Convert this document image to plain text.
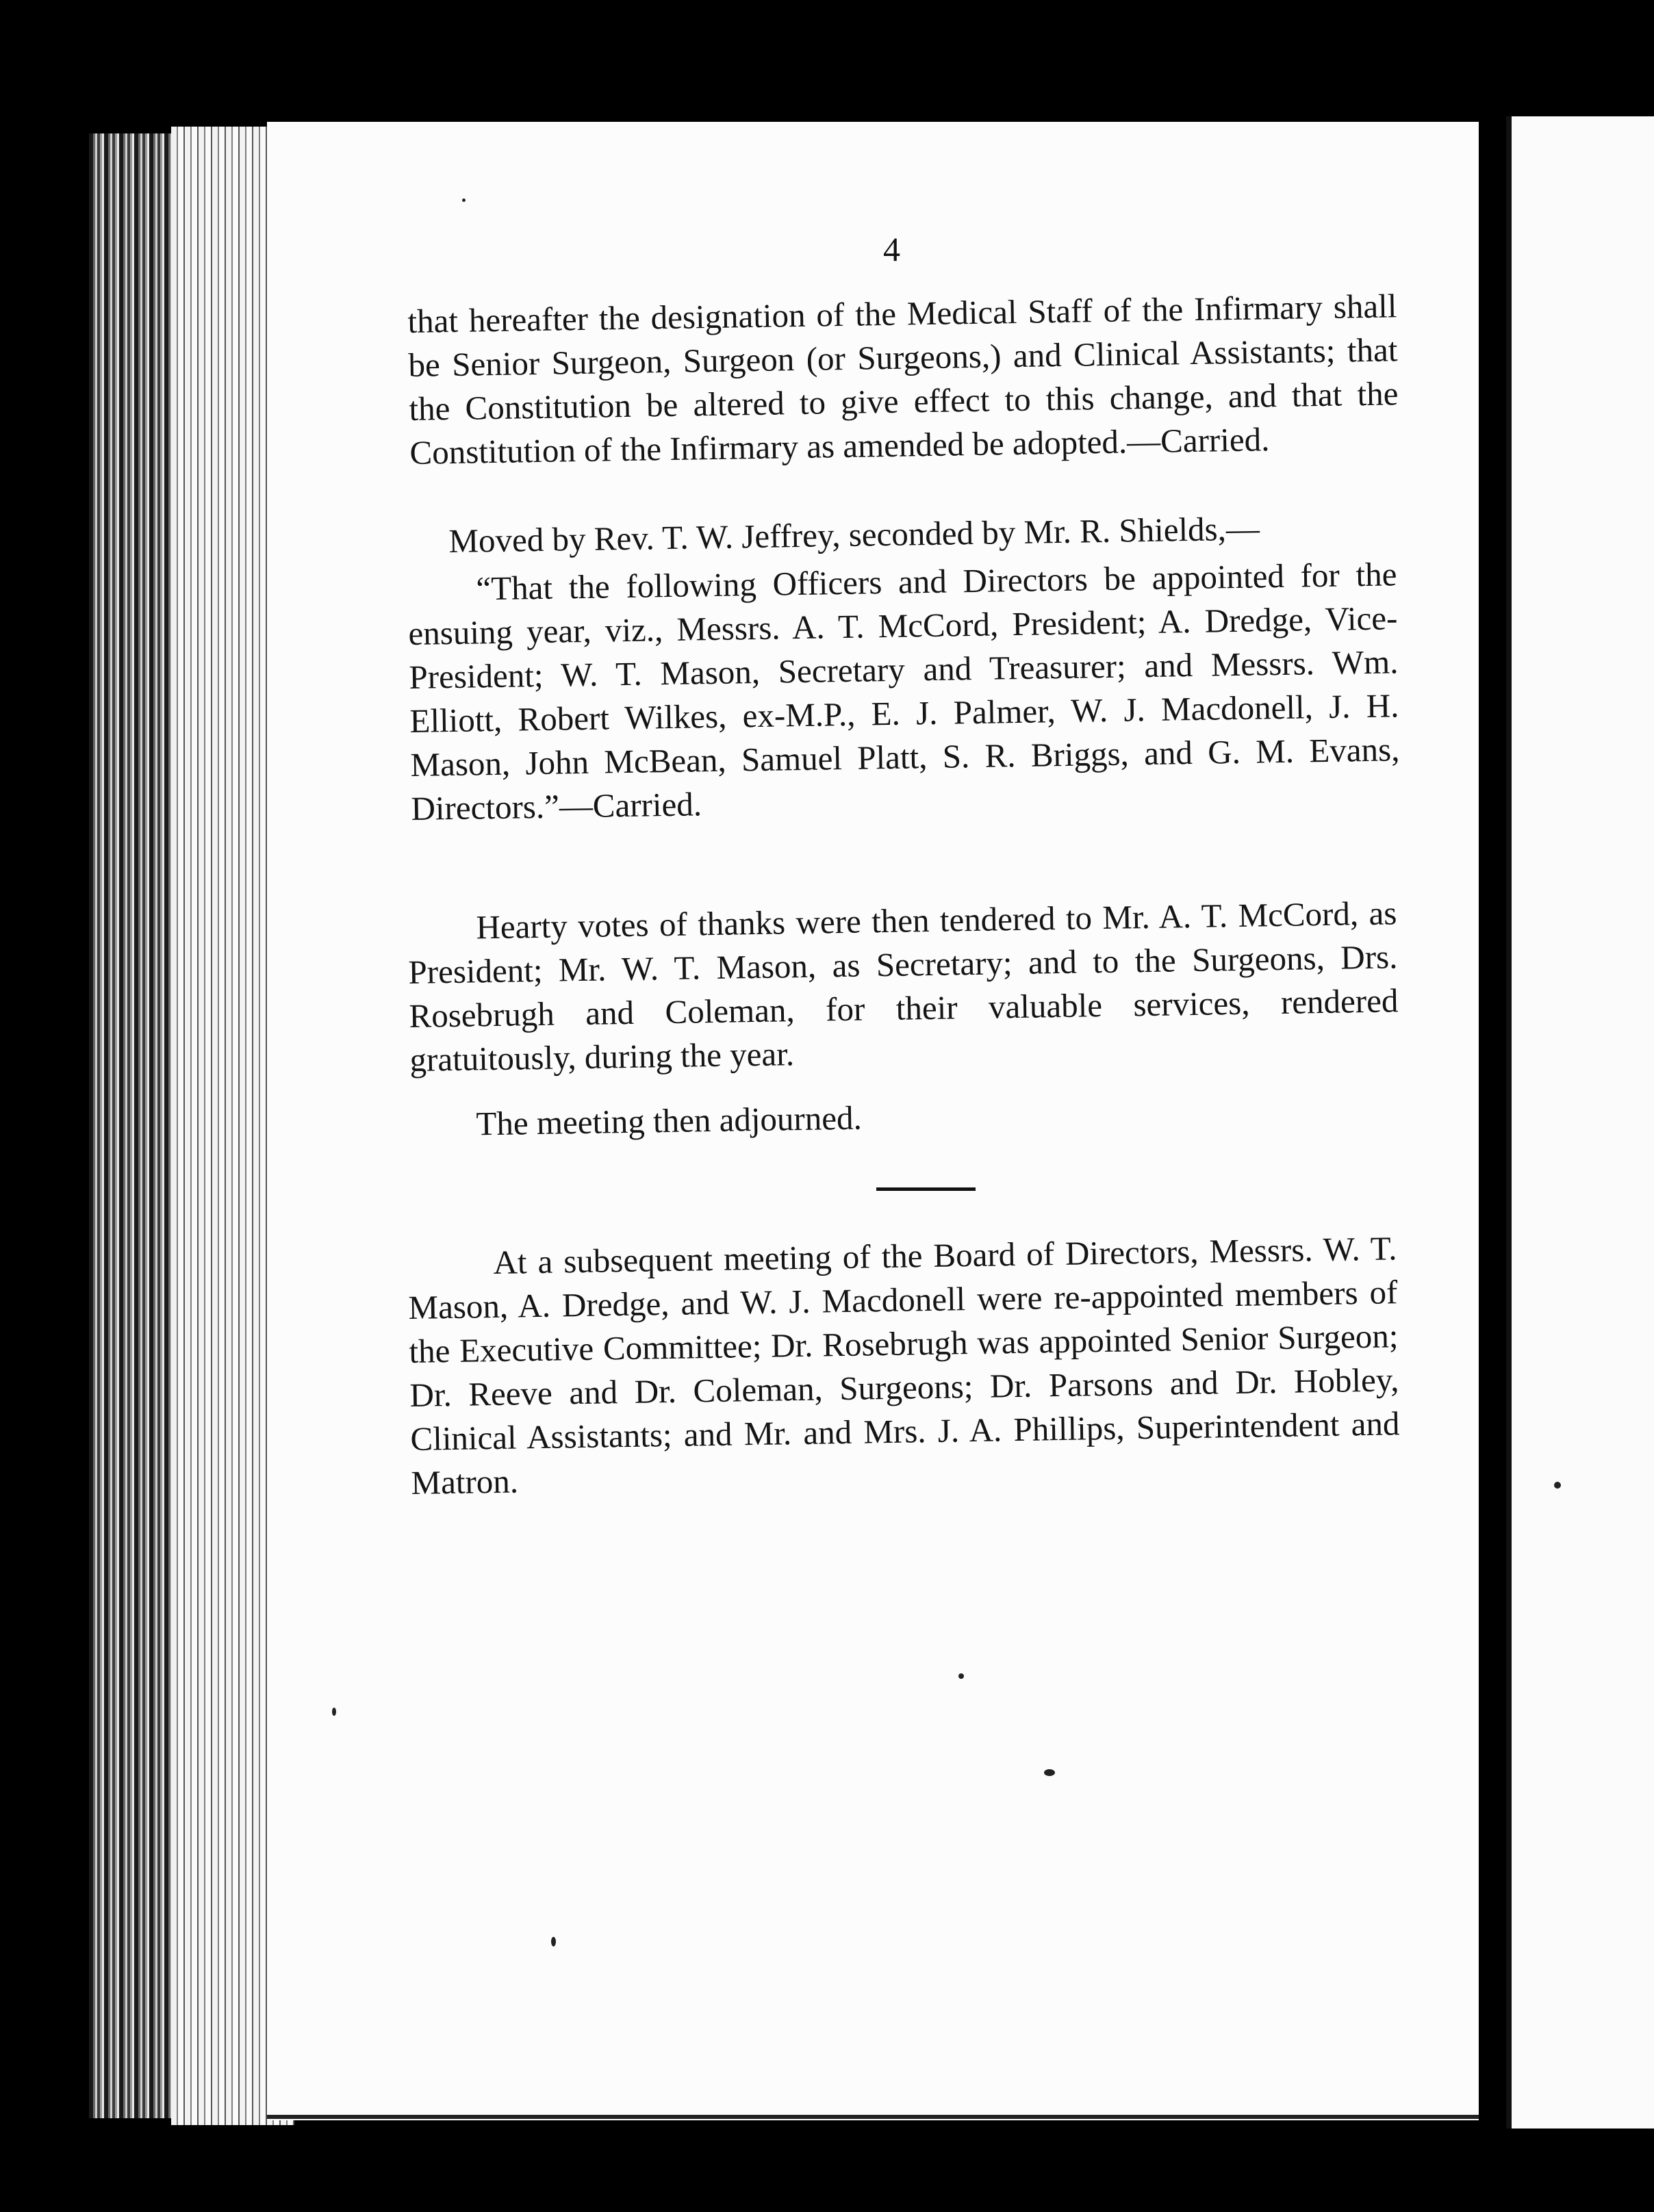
4

that hereafter the designation of the Medical Staff of the Infirmary shall be Senior Surgeon, Surgeon (or Surgeons,) and Clinical Assistants; that the Constitution be altered to give effect to this change, and that the Constitution of the Infirmary as amended be adopted.—Carried.

Moved by Rev. T. W. Jeffrey, seconded by Mr. R. Shields,—

“That the following Officers and Directors be appointed for the ensuing year, viz., Messrs. A. T. McCord, President; A. Dredge, Vice-President; W. T. Mason, Secretary and Treasurer; and Messrs. Wm. Elliott, Robert Wilkes, ex-M.P., E. J. Palmer, W. J. Macdonell, J. H. Mason, John McBean, Samuel Platt, S. R. Briggs, and G. M. Evans, Directors.”—Carried.

Hearty votes of thanks were then tendered to Mr. A. T. McCord, as President; Mr. W. T. Mason, as Secretary; and to the Surgeons, Drs. Rosebrugh and Coleman, for their valuable services, rendered gratuitously, during the year.

The meeting then adjourned.

At a subsequent meeting of the Board of Directors, Messrs. W. T. Mason, A. Dredge, and W. J. Macdonell were re-appointed members of the Executive Committee; Dr. Rosebrugh was appointed Senior Surgeon; Dr. Reeve and Dr. Coleman, Surgeons; Dr. Parsons and Dr. Hobley, Clinical Assistants; and Mr. and Mrs. J. A. Phillips, Superintendent and Matron.
